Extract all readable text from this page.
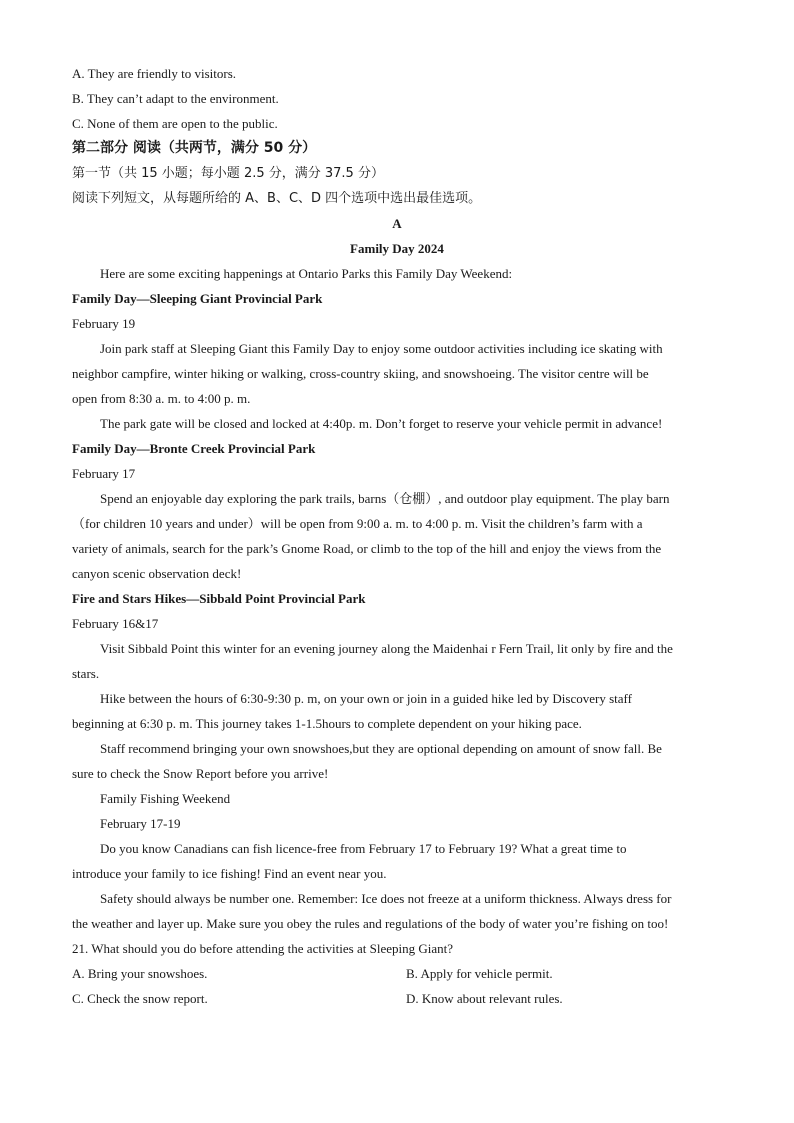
A. They are friendly to visitors.
B. They can’t adapt to the environment.
C. None of them are open to the public.
第二部分 阅读（共两节，满分 50 分）
第一节（共 15 小题；每小题 2.5 分，满分 37.5 分）
阅读下列短文，从每题所给的 A、B、C、D 四个选项中选出最佳选项。
A
Family Day 2024
Here are some exciting happenings at Ontario Parks this Family Day Weekend:
Family Day—Sleeping Giant Provincial Park
February 19
Join park staff at Sleeping Giant this Family Day to enjoy some outdoor activities including ice skating with
neighbor campfire, winter hiking or walking, cross-country skiing, and snowshoeing. The visitor centre will be
open from 8:30 a. m. to 4:00 p. m.
The park gate will be closed and locked at 4:40p. m. Don’t forget to reserve your vehicle permit in advance!
Family Day—Bronte Creek Provincial Park
February 17
Spend an enjoyable day exploring the park trails, barns（仓棚）, and outdoor play equipment. The play barn
（for children 10 years and under）will be open from 9:00 a. m. to 4:00 p. m. Visit the children’s farm with a
variety of animals, search for the park’s Gnome Road, or climb to the top of the hill and enjoy the views from the
canyon scenic observation deck!
Fire and Stars Hikes—Sibbald Point Provincial Park
February 16&17
Visit Sibbald Point this winter for an evening journey along the Maidenhai r Fern Trail, lit only by fire and the
stars.
Hike between the hours of 6:30-9:30 p. m, on your own or join in a guided hike led by Discovery staff
beginning at 6:30 p. m. This journey takes 1-1.5hours to complete dependent on your hiking pace.
Staff recommend bringing your own snowshoes,but they are optional depending on amount of snow fall. Be
sure to check the Snow Report before you arrive!
Family Fishing Weekend
February 17-19
Do you know Canadians can fish licence-free from February 17 to February 19? What a great time to
introduce your family to ice fishing! Find an event near you.
Safety should always be number one. Remember: Ice does not freeze at a uniform thickness. Always dress for
the weather and layer up. Make sure you obey the rules and regulations of the body of water you’re fishing on too!
21. What should you do before attending the activities at Sleeping Giant?
A. Bring your snowshoes.	B. Apply for vehicle permit.
C. Check the snow report.	D. Know about relevant rules.
